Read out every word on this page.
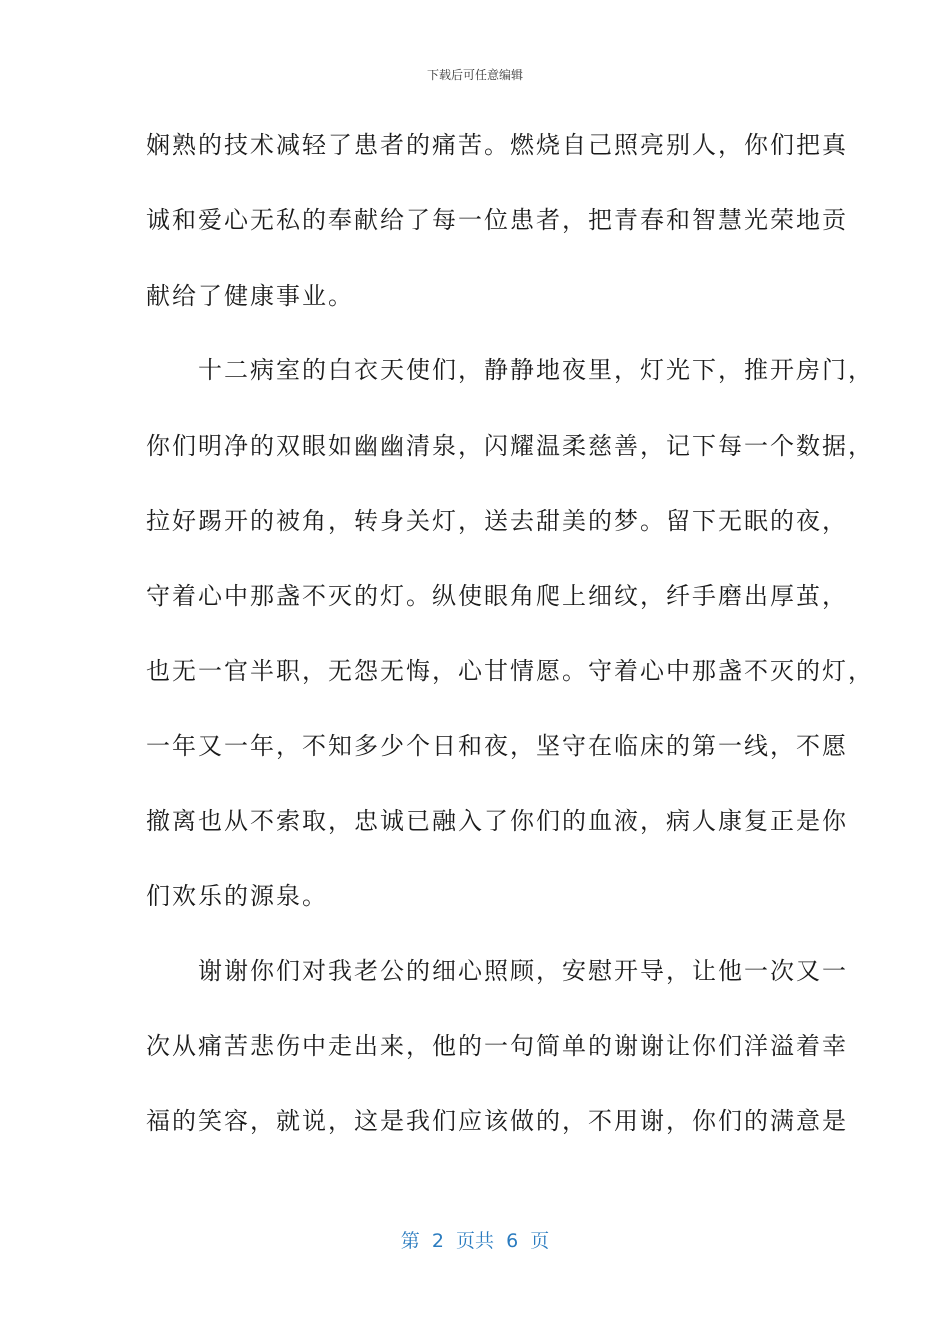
下载后可任意编辑
娴熟的技术减轻了患者的痛苦。燃烧自己照亮别人，你们把真
诚和爱心无私的奉献给了每一位患者，把青春和智慧光荣地贡
献给了健康事业。
　　十二病室的白衣天使们，静静地夜里，灯光下，推开房门，
你们明净的双眼如幽幽清泉，闪耀温柔慈善，记下每一个数据，
拉好踢开的被角，转身关灯，送去甜美的梦。留下无眠的夜，
守着心中那盏不灭的灯。纵使眼角爬上细纹，纤手磨出厚茧，
也无一官半职，无怨无悔，心甘情愿。守着心中那盏不灭的灯，
一年又一年，不知多少个日和夜，坚守在临床的第一线，不愿
撤离也从不索取，忠诚已融入了你们的血液，病人康复正是你
们欢乐的源泉。
　　谢谢你们对我老公的细心照顾，安慰开导，让他一次又一
次从痛苦悲伤中走出来，他的一句简单的谢谢让你们洋溢着幸
福的笑容，就说，这是我们应该做的，不用谢，你们的满意是
第  2  页共  6  页
